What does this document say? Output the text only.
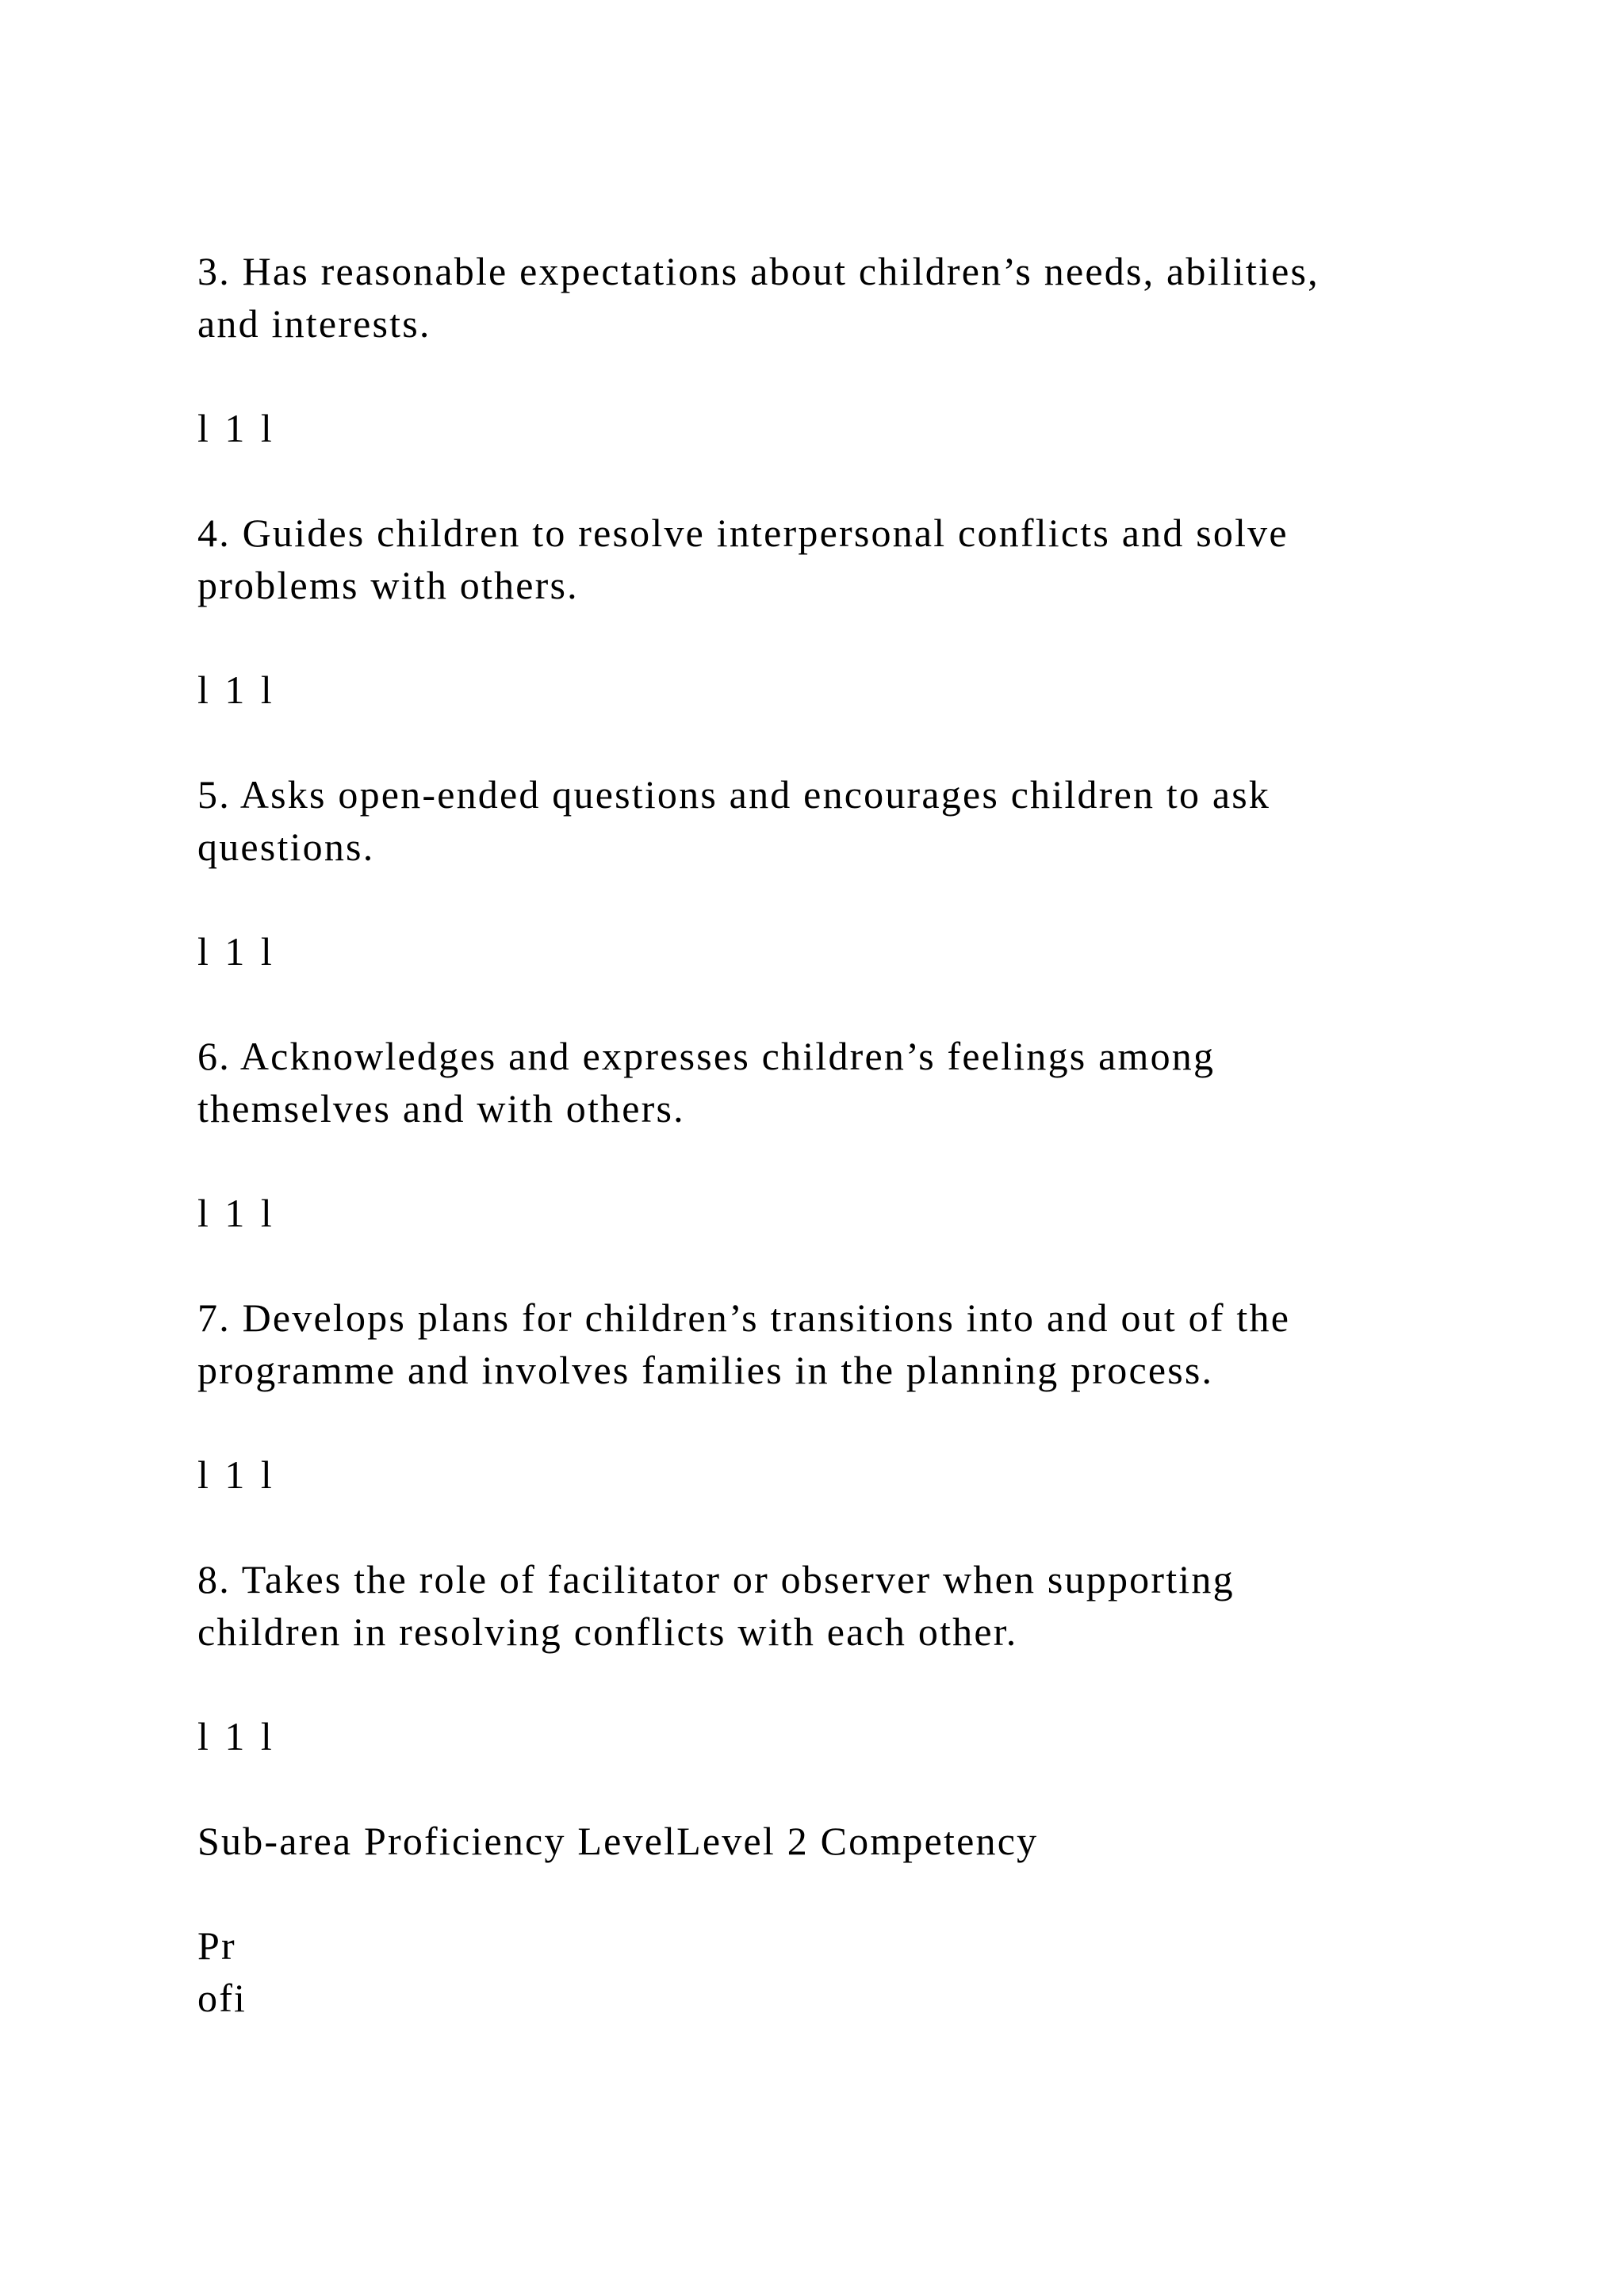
3. Has reasonable expectations about children’s needs, abilities,
and interests.

l 1 l

4. Guides children to resolve interpersonal conflicts and solve
problems with others.

l 1 l

5. Asks open-ended questions and encourages children to ask
questions.

l 1 l

6. Acknowledges and expresses children’s feelings among
themselves and with others.

l 1 l

7. Develops plans for children’s transitions into and out of the
programme and involves families in the planning process.

l 1 l

8. Takes the role of facilitator or observer when supporting
children in resolving conflicts with each other.

l 1 l

Sub-area Proficiency LevelLevel 2 Competency

Pr
ofi
